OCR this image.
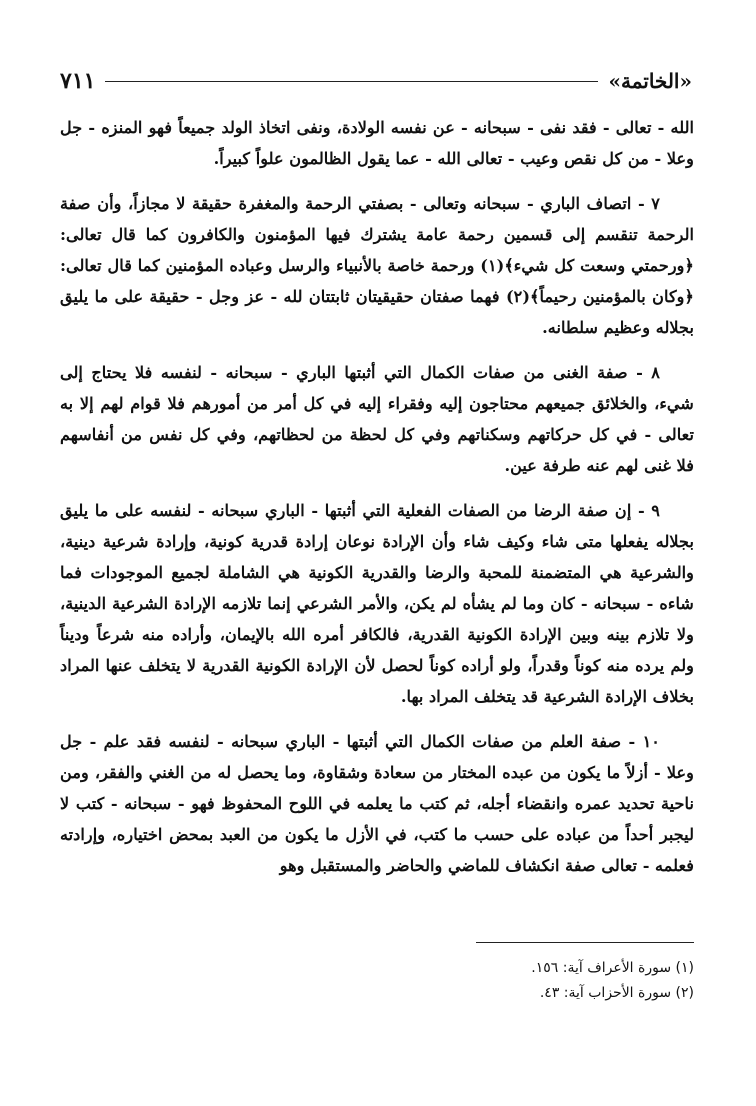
«الخاتمة»
٧١١

الله - تعالى - فقد نفى - سبحانه - عن نفسه الولادة، ونفى اتخاذ الولد جميعاً فهو المنزه - جل وعلا - من كل نقص وعيب - تعالى الله - عما يقول الظالمون علواً كبيراً.

٧ - اتصاف الباري - سبحانه وتعالى - بصفتي الرحمة والمغفرة حقيقة لا مجازاً، وأن صفة الرحمة تنقسم إلى قسمين رحمة عامة يشترك فيها المؤمنون والكافرون كما قال تعالى: ﴿ورحمتي وسعت كل شيء﴾(١) ورحمة خاصة بالأنبياء والرسل وعباده المؤمنين كما قال تعالى: ﴿وكان بالمؤمنين رحيماً﴾(٢) فهما صفتان حقيقيتان ثابتتان لله - عز وجل - حقيقة على ما يليق بجلاله وعظيم سلطانه.

٨ - صفة الغنى من صفات الكمال التي أثبتها الباري - سبحانه - لنفسه فلا يحتاج إلى شيء، والخلائق جميعهم محتاجون إليه وفقراء إليه في كل أمر من أمورهم فلا قوام لهم إلا به تعالى - في كل حركاتهم وسكناتهم وفي كل لحظة من لحظاتهم، وفي كل نفس من أنفاسهم فلا غنى لهم عنه طرفة عين.

٩ - إن صفة الرضا من الصفات الفعلية التي أثبتها - الباري سبحانه - لنفسه على ما يليق بجلاله يفعلها متى شاء وكيف شاء وأن الإرادة نوعان إرادة قدرية كونية، وإرادة شرعية دينية، والشرعية هي المتضمنة للمحبة والرضا والقدرية الكونية هي الشاملة لجميع الموجودات فما شاءه - سبحانه - كان وما لم يشأه لم يكن، والأمر الشرعي إنما تلازمه الإرادة الشرعية الدينية، ولا تلازم بينه وبين الإرادة الكونية القدرية، فالكافر أمره الله بالإيمان، وأراده منه شرعاً وديناً ولم يرده منه كوناً وقدراً، ولو أراده كوناً لحصل لأن الإرادة الكونية القدرية لا يتخلف عنها المراد بخلاف الإرادة الشرعية قد يتخلف المراد بها.

١٠ - صفة العلم من صفات الكمال التي أثبتها - الباري سبحانه - لنفسه فقد علم - جل وعلا - أزلاً ما يكون من عبده المختار من سعادة وشقاوة، وما يحصل له من الغني والفقر، ومن ناحية تحديد عمره وانقضاء أجله، ثم كتب ما يعلمه في اللوح المحفوظ فهو - سبحانه - كتب لا ليجبر أحداً من عباده على حسب ما كتب، في الأزل ما يكون من العبد بمحض اختياره، وإرادته فعلمه - تعالى صفة انكشاف للماضي والحاضر والمستقبل وهو

(١) سورة الأعراف آية: ١٥٦.
(٢) سورة الأحزاب آية: ٤٣.
